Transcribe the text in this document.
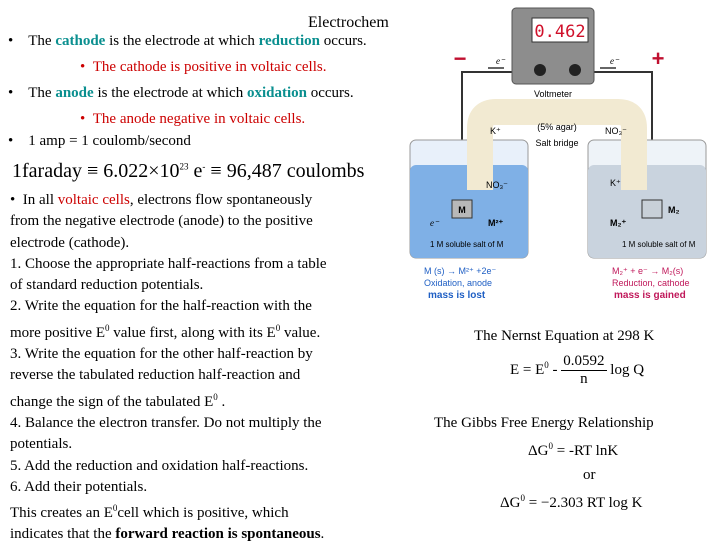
Electrochem
•    The cathode is the electrode at which reduction occurs.
•  The cathode is positive in voltaic cells.
•    The anode is the electrode at which oxidation occurs.
•  The anode negative in voltaic cells.
•    1 amp = 1 coulomb/second
1faraday ≡ $6.022\times 10^{23}$ e- ≡ 96,487 coulombs
•  In all voltaic cells, electrons flow spontaneously
from the negative electrode (anode) to the positive
electrode (cathode).
1. Choose the appropriate half-reactions from a table
of standard reduction potentials.
2. Write the equation for the half-reaction with the
more positive $E^0$ value first, along with its $E^0$ value.
3. Write the equation for the other half-reaction by
reverse the tabulated reduction half-reaction and
change the sign of the tabulated $E^0$ .
4. Balance the electron transfer. Do not multiply the
potentials.
5. Add the reduction and oxidation half-reactions.
6. Add their potentials.
This creates an $E^0cell$ which is positive, which
indicates that the forward reaction is spontaneous.
0.462
Voltmeter
−	+
e⁻	e⁻
(5% agar)
Salt bridge
K⁺	NO₃⁻
NO₃⁻	K⁺
M
M²⁺
e⁻
M₂
M₂⁺
1 M soluble salt of M	1 M soluble salt of M
M (s) → M²⁺ +2e⁻
Oxidation, anode
mass is lost
M₂⁺ + e⁻ → M₂(s)
Reduction, cathode
mass is gained
The Nernst Equation at 298 K
$E = E^0 - \frac{0.0592}{n}$ log Q
The Gibbs Free Energy Relationship
$\Delta G^0 = -RT$ lnK
or
$\Delta G^0 = -2.303$ RT log K
